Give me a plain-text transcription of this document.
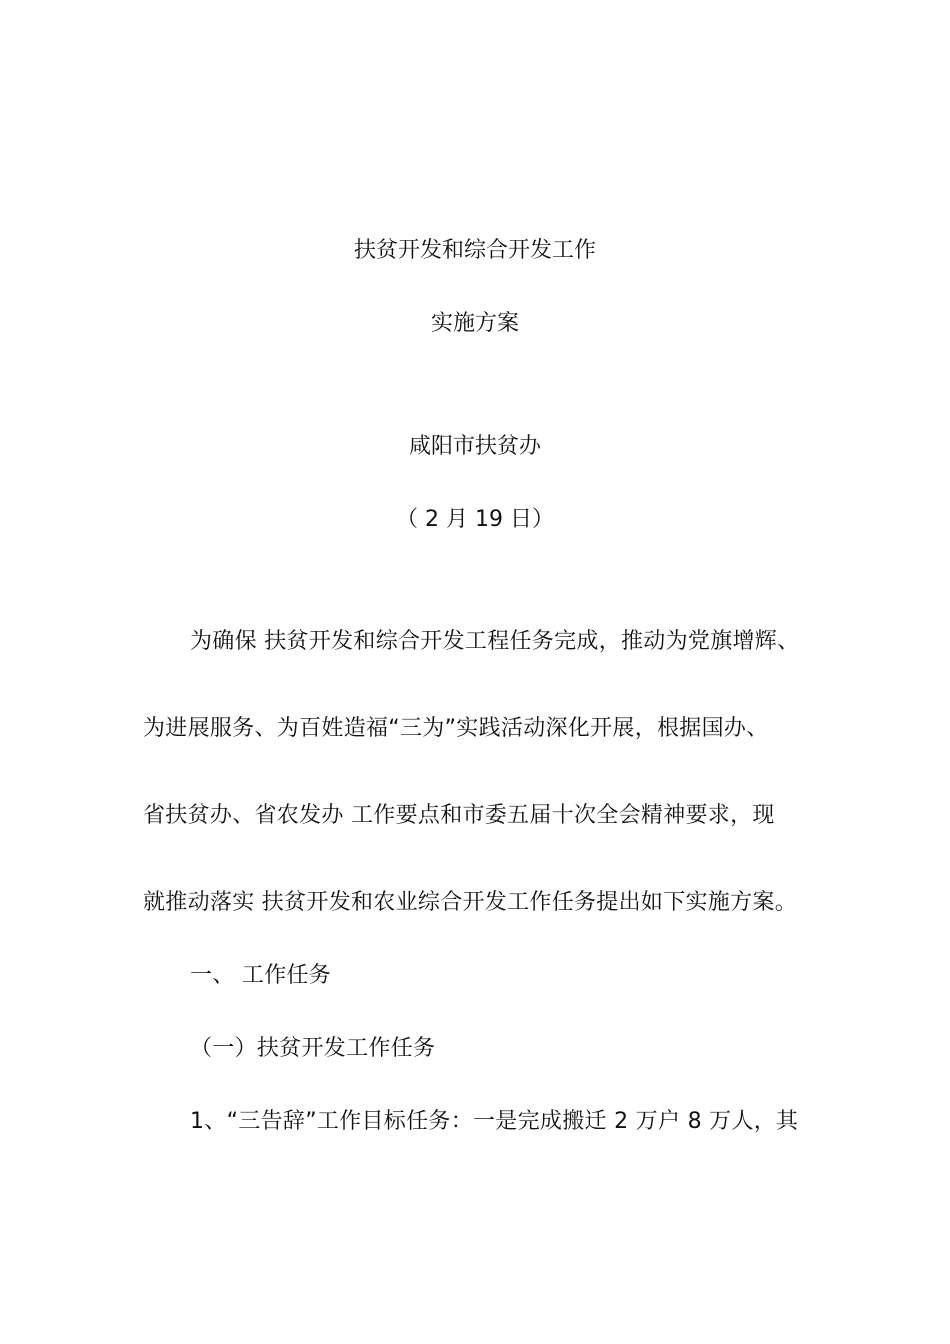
扶贫开发和综合开发工作
实施方案
咸阳市扶贫办
（ 2 月 19 日）
为确保 扶贫开发和综合开发工程任务完成，推动为党旗增辉、
为进展服务、为百姓造福“三为”实践活动深化开展，根据国办、
省扶贫办、省农发办 工作要点和市委五届十次全会精神要求，现
就推动落实 扶贫开发和农业综合开发工作任务提出如下实施方案。
一、 工作任务
（一）扶贫开发工作任务
1、“三告辞”工作目标任务：一是完成搬迁 2 万户 8 万人，其
